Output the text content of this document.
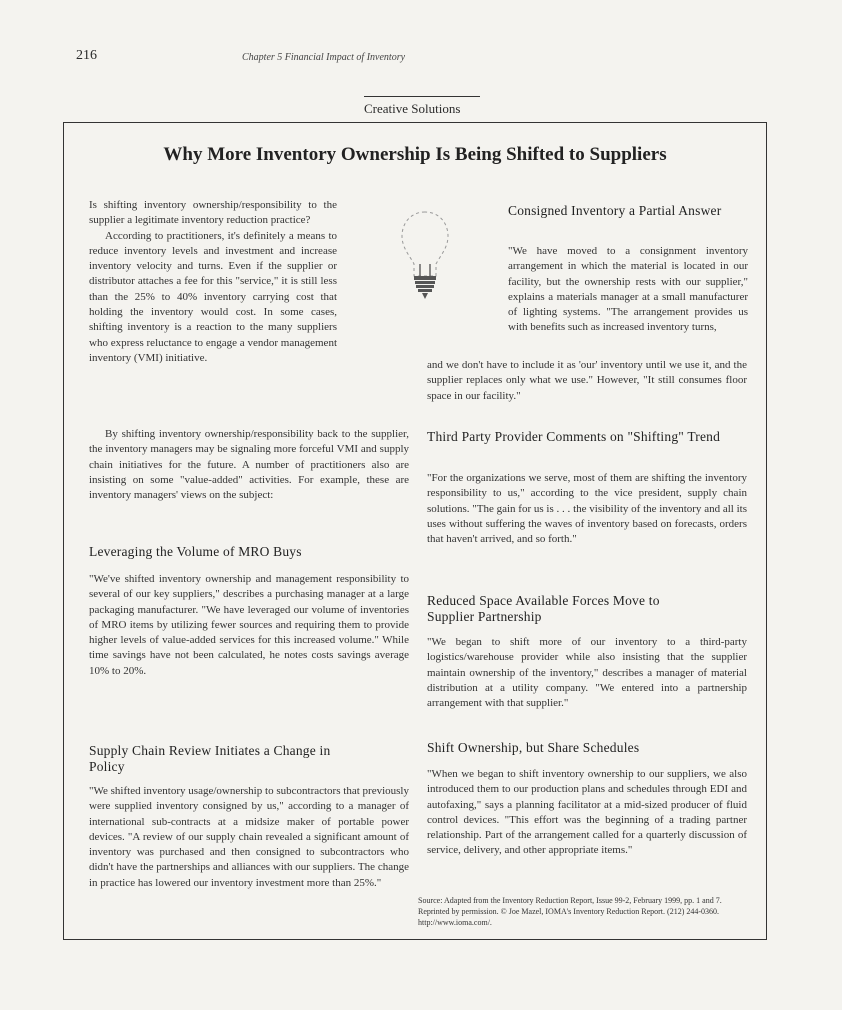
216	Chapter 5 Financial Impact of Inventory
Creative Solutions
Why More Inventory Ownership Is Being Shifted to Suppliers

Is shifting inventory ownership/responsibility to the supplier a legitimate inventory reduction practice?

According to practitioners, it's definitely a means to reduce inventory levels and investment and increase inventory velocity and turns. Even if the supplier or distributor attaches a fee for this "service," it is still less than the 25% to 40% inventory carrying cost that holding the inventory would cost. In some cases, shifting inventory is a reaction to the many suppliers who express reluctance to engage a vendor management inventory (VMI) initiative.

By shifting inventory ownership/responsibility back to the supplier, the inventory managers may be signaling more forceful VMI and supply chain initiatives for the future. A number of practitioners also are insisting on some "value-added" activities. For example, these are inventory managers' views on the subject:

Leveraging the Volume of MRO Buys

"We've shifted inventory ownership and management responsibility to several of our key suppliers," describes a purchasing manager at a large packaging manufacturer. "We have leveraged our volume of inventories of MRO items by utilizing fewer sources and requiring them to provide higher levels of value-added services for this increased volume." While time savings have not been calculated, he notes costs savings average 10% to 20%.

Supply Chain Review Initiates a Change in Policy

"We shifted inventory usage/ownership to subcontractors that previously were supplied inventory consigned by us," according to a manager of international sub-contracts at a midsize maker of portable power devices. "A review of our supply chain revealed a significant amount of inventory was purchased and then consigned to subcontractors who didn't have the partnerships and alliances with our suppliers. The change in practice has lowered our inventory investment more than 25%."

Consigned Inventory a Partial Answer

"We have moved to a consignment inventory arrangement in which the material is located in our facility, but the ownership rests with our supplier," explains a materials manager at a small manufacturer of lighting systems. "The arrangement provides us with benefits such as increased inventory turns,

and we don't have to include it as 'our' inventory until we use it, and the supplier replaces only what we use." However, "It still consumes floor space in our facility."

Third Party Provider Comments on "Shifting" Trend

"For the organizations we serve, most of them are shifting the inventory responsibility to us," according to the vice president, supply chain solutions. "The gain for us is . . . the visibility of the inventory and all its uses without suffering the waves of inventory based on forecasts, orders that haven't arrived, and so forth."

Reduced Space Available Forces Move to Supplier Partnership

"We began to shift more of our inventory to a third-party logistics/warehouse provider while also insisting that the supplier maintain ownership of the inventory," describes a manager of material distribution at a utility company. "We entered into a partnership arrangement with that supplier."

Shift Ownership, but Share Schedules

"When we began to shift inventory ownership to our suppliers, we also introduced them to our production plans and schedules through EDI and autofaxing," says a planning facilitator at a mid-sized producer of fluid control devices. "This effort was the beginning of a trading partner relationship. Part of the arrangement called for a quarterly discussion of service, delivery, and other appropriate items."

Source: Adapted from the Inventory Reduction Report, Issue 99-2, February 1999, pp. 1 and 7. Reprinted by permission. © Joe Mazel, IOMA's Inventory Reduction Report. (212) 244-0360. http://www.ioma.com/.
